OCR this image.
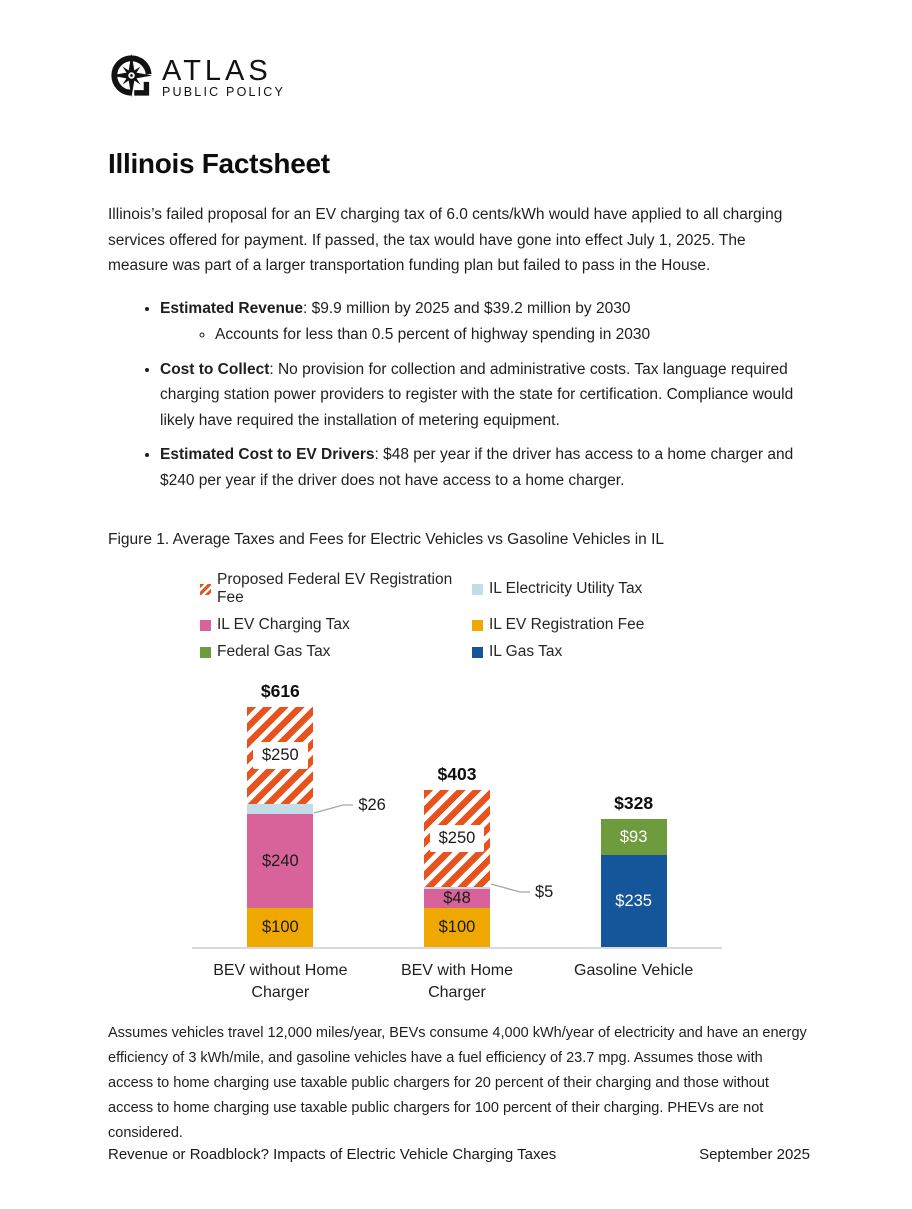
ATLAS
PUBLIC POLICY
Illinois Factsheet

Illinois’s failed proposal for an EV charging tax of 6.0 cents/kWh would have applied to all charging services offered for payment. If passed, the tax would have gone into effect July 1, 2025. The measure was part of a larger transportation funding plan but failed to pass in the House.

• Estimated Revenue: $9.9 million by 2025 and $39.2 million by 2030
◦ Accounts for less than 0.5 percent of highway spending in 2030
• Cost to Collect: No provision for collection and administrative costs. Tax language required charging station power providers to register with the state for certification. Compliance would likely have required the installation of metering equipment.
• Estimated Cost to EV Drivers: $48 per year if the driver has access to a home charger and $240 per year if the driver does not have access to a home charger.

Figure 1. Average Taxes and Fees for Electric Vehicles vs Gasoline Vehicles in IL

Proposed Federal EV Registration Fee
IL Electricity Utility Tax
IL EV Charging Tax	IL EV Registration Fee
Federal Gas Tax	IL Gas Tax
$616
$250
$240
$100
$26
$403
$250
$48
$100
$5
$328
$93
$235
BEV without Home Charger
BEV with Home Charger
Gasoline Vehicle

Assumes vehicles travel 12,000 miles/year, BEVs consume 4,000 kWh/year of electricity and have an energy efficiency of 3 kWh/mile, and gasoline vehicles have a fuel efficiency of 23.7 mpg. Assumes those with access to home charging use taxable public chargers for 20 percent of their charging and those without access to home charging use taxable public chargers for 100 percent of their charging. PHEVs are not considered.

Revenue or Roadblock? Impacts of Electric Vehicle Charging Taxes	September 2025
